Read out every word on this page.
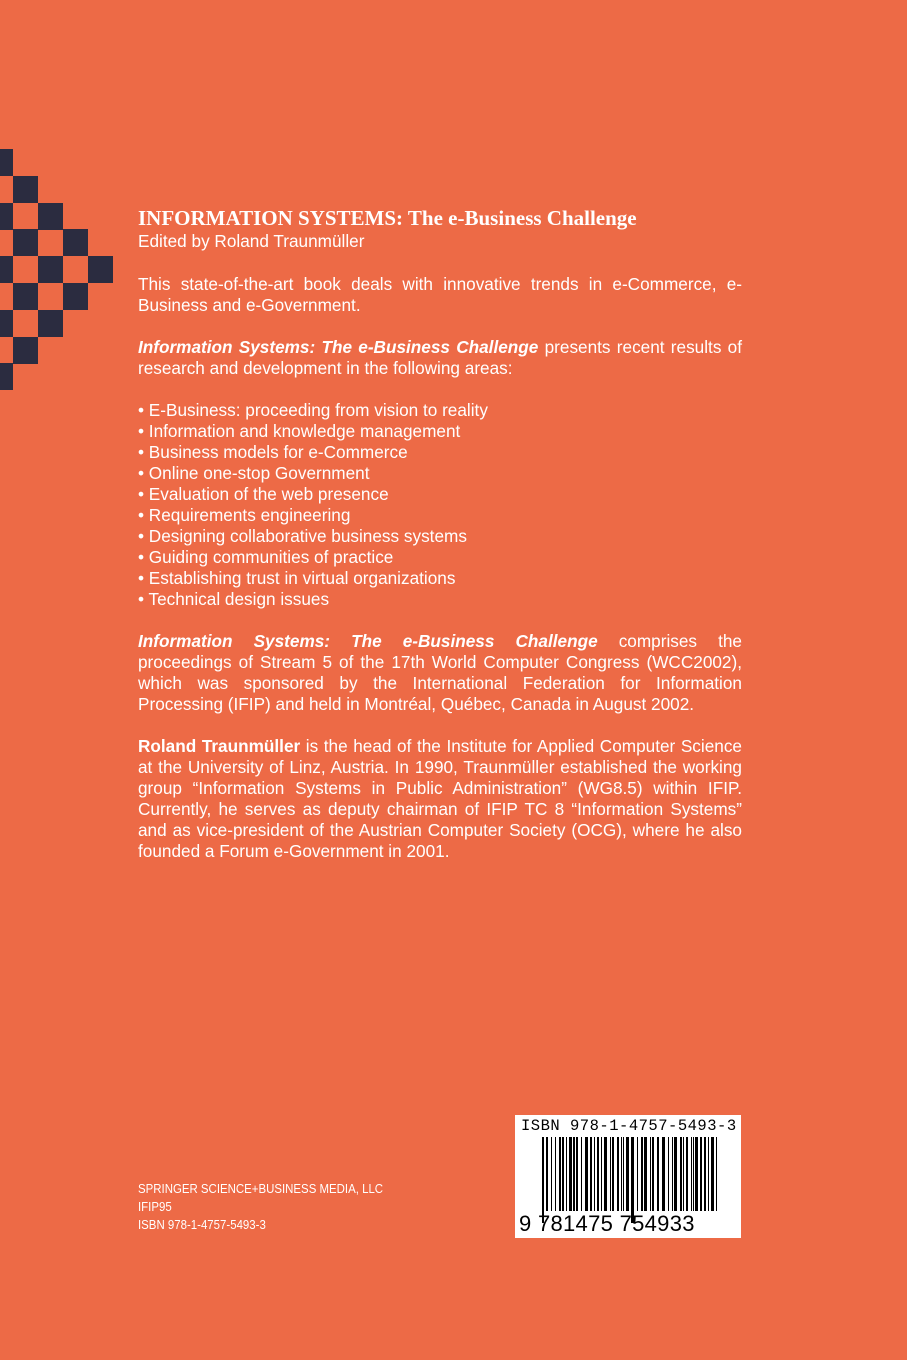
INFORMATION SYSTEMS: The e-Business Challenge
Edited by Roland Traunmüller

This state-of-the-art book deals with innovative trends in e-Commerce, e-Business and e-Government.

Information Systems: The e-Business Challenge presents recent results of research and development in the following areas:

• E-Business: proceeding from vision to reality
• Information and knowledge management
• Business models for e-Commerce
• Online one-stop Government
• Evaluation of the web presence
• Requirements engineering
• Designing collaborative business systems
• Guiding communities of practice
• Establishing trust in virtual organizations
• Technical design issues

Information Systems: The e-Business Challenge comprises the proceedings of Stream 5 of the 17th World Computer Congress (WCC2002), which was sponsored by the International Federation for Information Processing (IFIP) and held in Montréal, Québec, Canada in August 2002.

Roland Traunmüller is the head of the Institute for Applied Computer Science at the University of Linz, Austria. In 1990, Traunmüller established the working group “Information Systems in Public Administration” (WG8.5) within IFIP. Currently, he serves as deputy chairman of IFIP TC 8 “Information Systems” and as vice-president of the Austrian Computer Society (OCG), where he also founded a Forum e-Government in 2001.

SPRINGER SCIENCE+BUSINESS MEDIA, LLC
IFIP95
ISBN 978-1-4757-5493-3
ISBN 978-1-4757-5493-3
9 781475 754933
